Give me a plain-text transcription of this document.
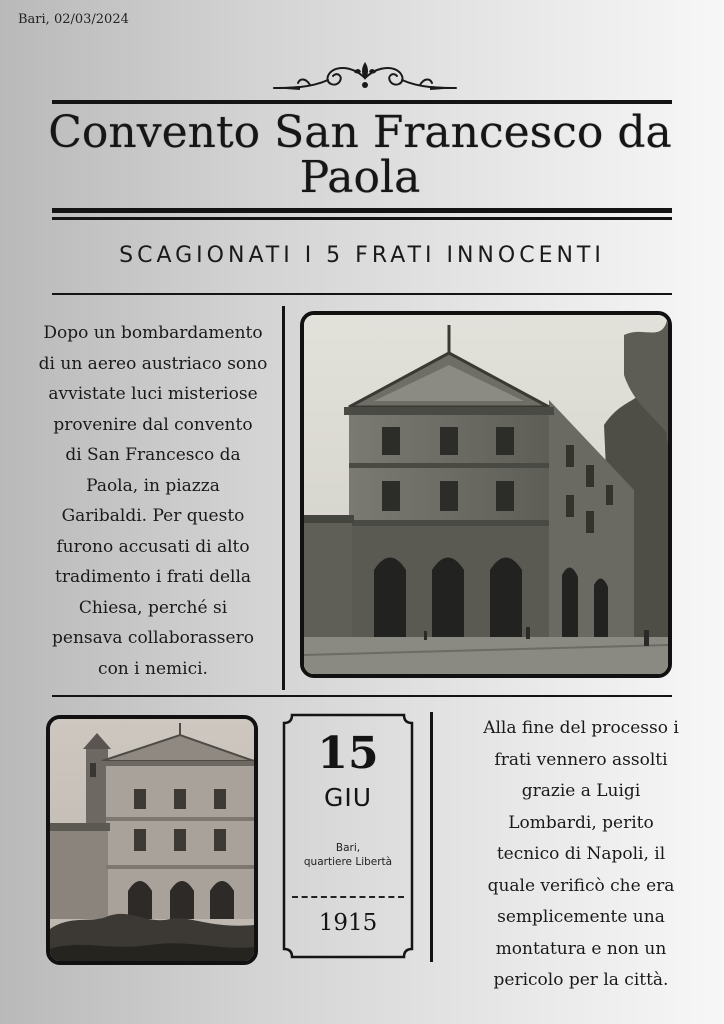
Bari, 02/03/2024
Convento San Francesco da
Paola
SCAGIONATI I 5 FRATI INNOCENTI
Dopo un bombardamento
di un aereo austriaco sono
avvistate luci misteriose
provenire dal convento
di San Francesco da
Paola, in piazza
Garibaldi. Per questo
furono accusati di alto
tradimento i frati della
Chiesa, perché si
pensava collaborassero
con i nemici.
15
GIU
Bari,
quartiere Libertà
1915
Alla fine del processo i
frati vennero assolti
grazie a Luigi
Lombardi, perito
tecnico di Napoli, il
quale verificò che era
semplicemente una
montatura e non un
pericolo per la città.
